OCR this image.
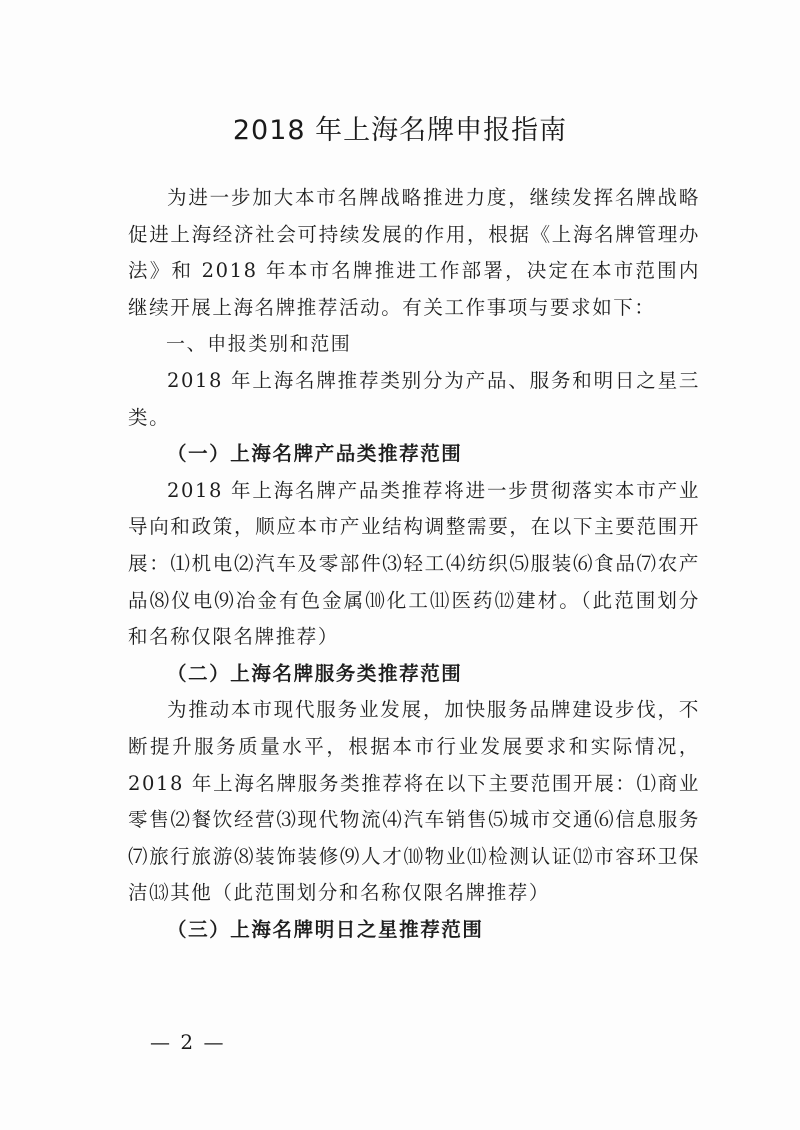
2018 年上海名牌申报指南

为进一步加大本市名牌战略推进力度，继续发挥名牌战略促进上海经济社会可持续发展的作用，根据《上海名牌管理办法》和 2018 年本市名牌推进工作部署，决定在本市范围内继续开展上海名牌推荐活动。有关工作事项与要求如下：

一、申报类别和范围

2018 年上海名牌推荐类别分为产品、服务和明日之星三类。

（一）上海名牌产品类推荐范围

2018 年上海名牌产品类推荐将进一步贯彻落实本市产业导向和政策，顺应本市产业结构调整需要，在以下主要范围开展：⑴机电⑵汽车及零部件⑶轻工⑷纺织⑸服装⑹食品⑺农产品⑻仪电⑼冶金有色金属⑽化工⑾医药⑿建材。（此范围划分和名称仅限名牌推荐）

（二）上海名牌服务类推荐范围

为推动本市现代服务业发展，加快服务品牌建设步伐，不断提升服务质量水平，根据本市行业发展要求和实际情况，2018 年上海名牌服务类推荐将在以下主要范围开展：⑴商业零售⑵餐饮经营⑶现代物流⑷汽车销售⑸城市交通⑹信息服务⑺旅行旅游⑻装饰装修⑼人才⑽物业⑾检测认证⑿市容环卫保洁⒀其他（此范围划分和名称仅限名牌推荐）

（三）上海名牌明日之星推荐范围

— 2 —
